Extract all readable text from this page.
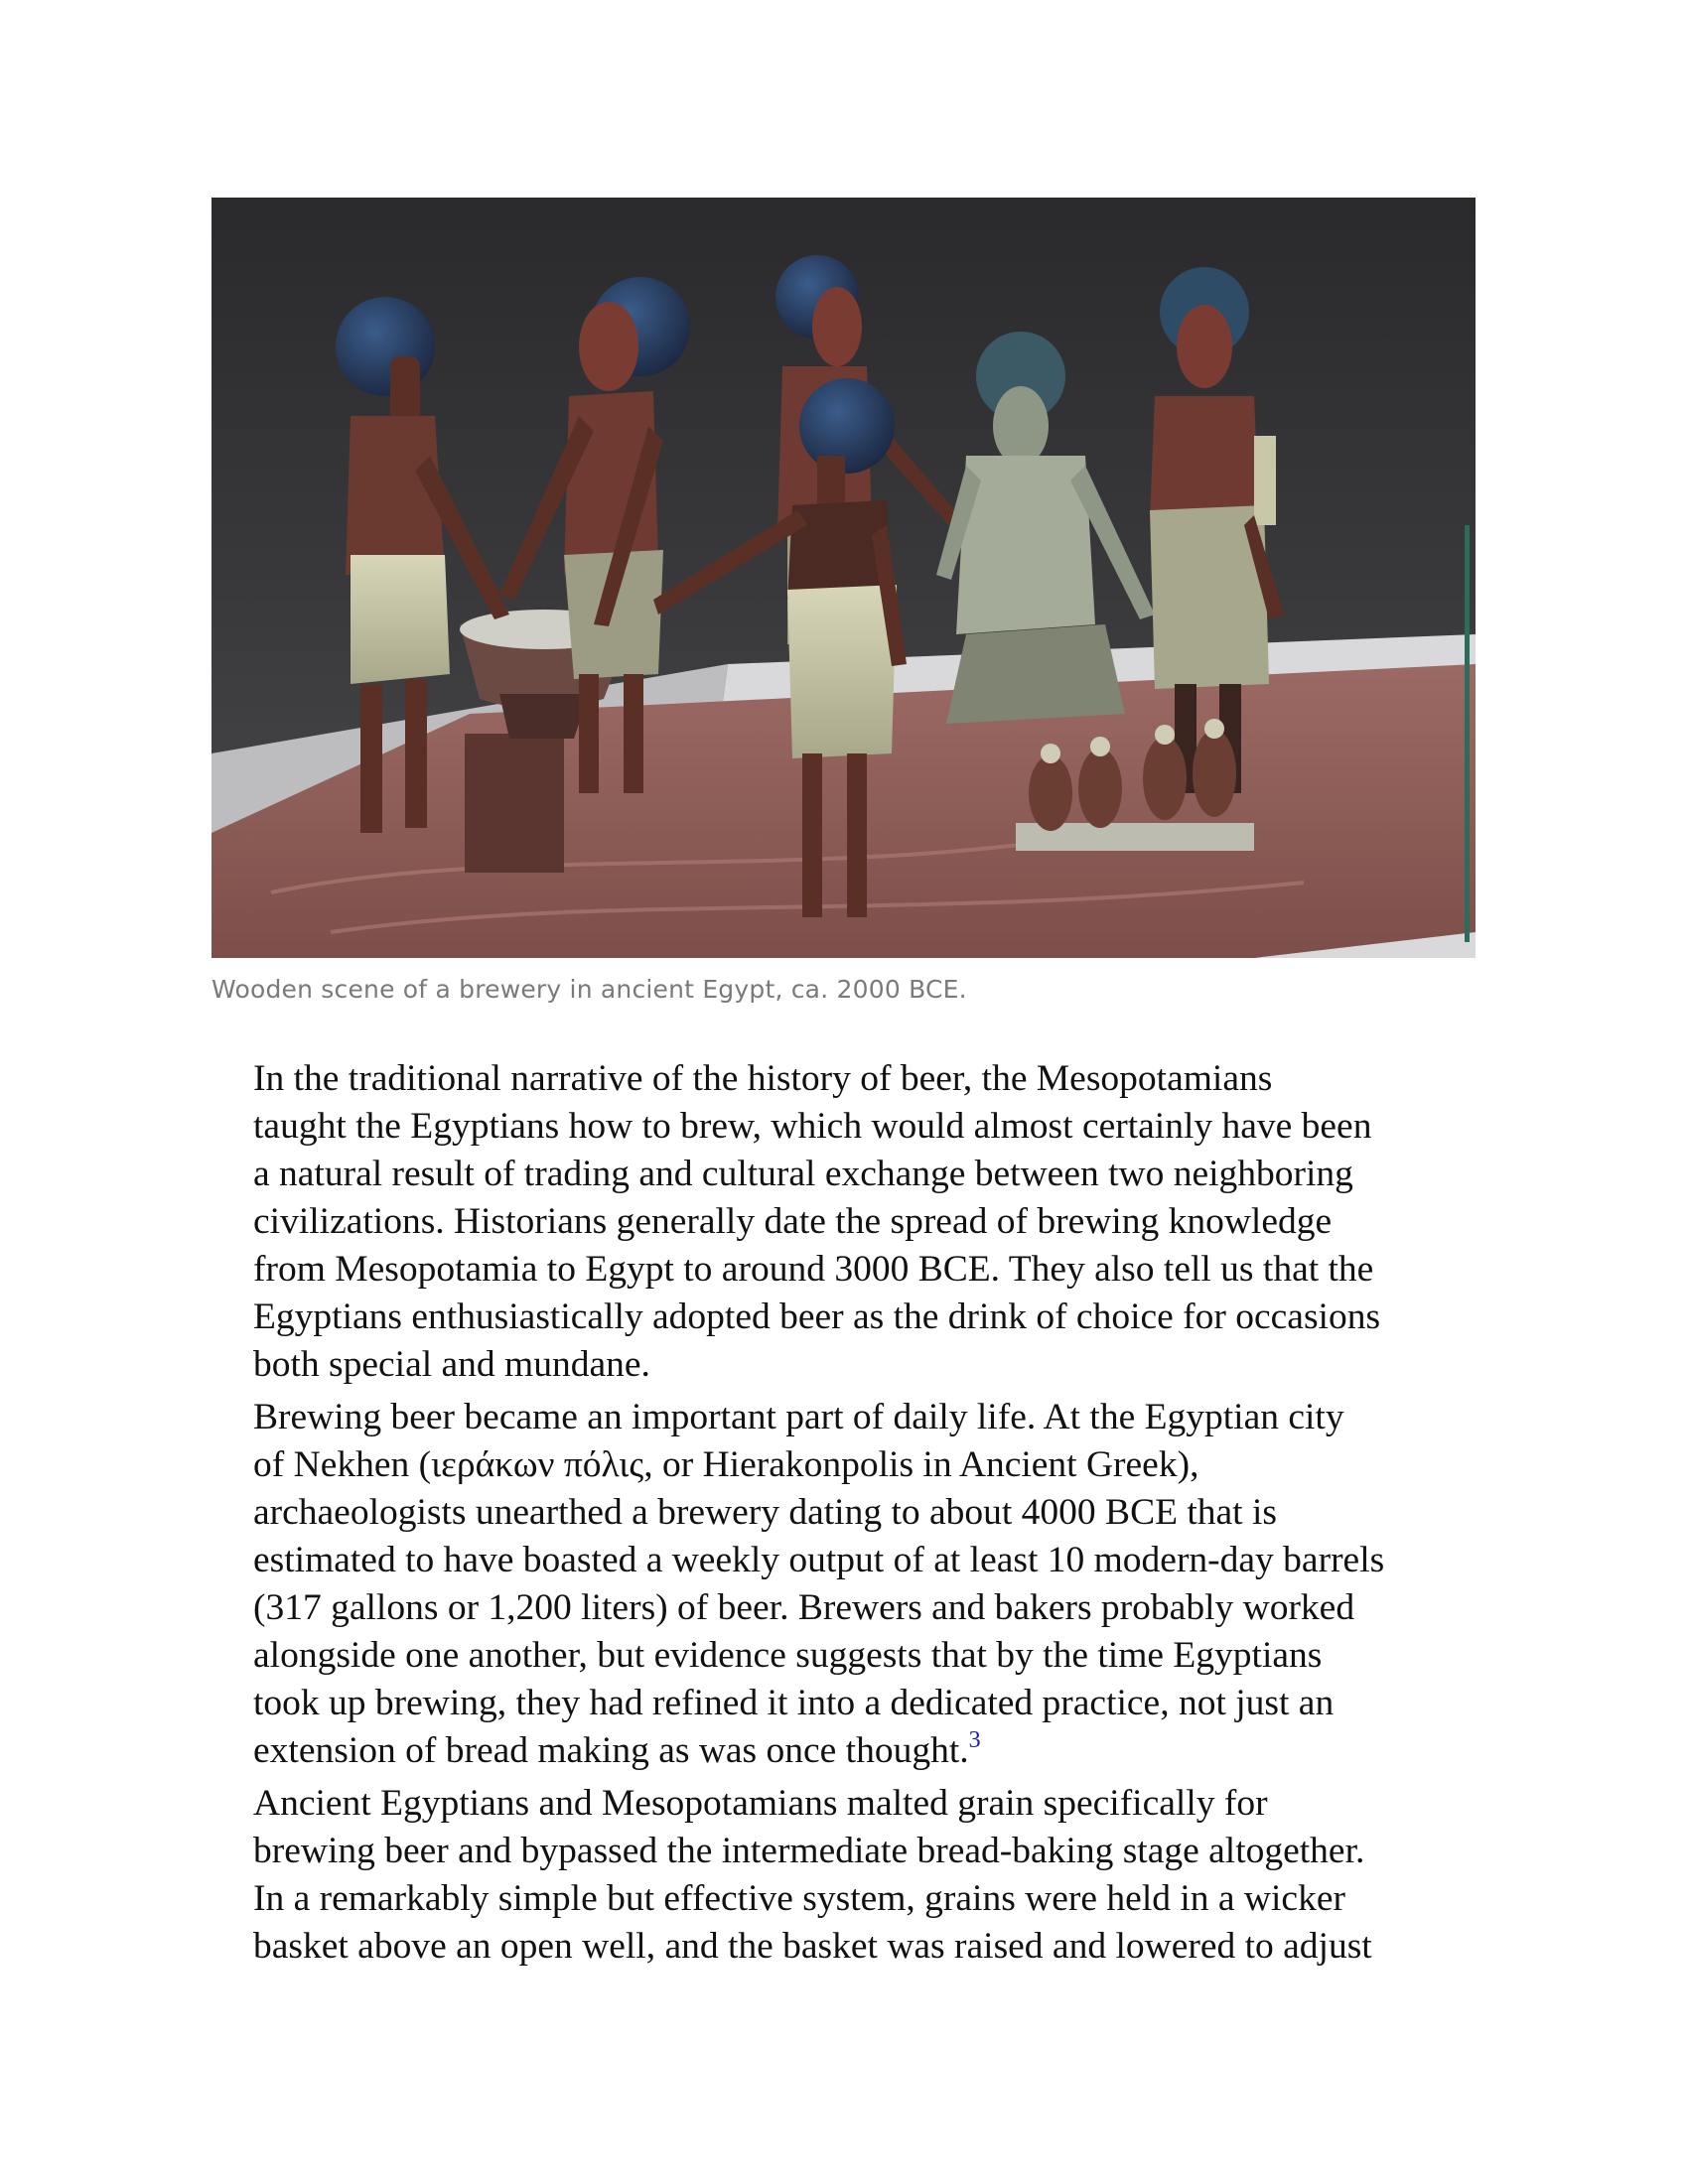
Wooden scene of a brewery in ancient Egypt, ca. 2000 BCE.

In the traditional narrative of the history of beer, the Mesopotamians
taught the Egyptians how to brew, which would almost certainly have been
a natural result of trading and cultural exchange between two neighboring
civilizations. Historians generally date the spread of brewing knowledge
from Mesopotamia to Egypt to around 3000 BCE. They also tell us that the
Egyptians enthusiastically adopted beer as the drink of choice for occasions
both special and mundane.

Brewing beer became an important part of daily life. At the Egyptian city
of Nekhen (ιεράκων πόλις, or Hierakonpolis in Ancient Greek),
archaeologists unearthed a brewery dating to about 4000 BCE that is
estimated to have boasted a weekly output of at least 10 modern-day barrels
(317 gallons or 1,200 liters) of beer. Brewers and bakers probably worked
alongside one another, but evidence suggests that by the time Egyptians
took up brewing, they had refined it into a dedicated practice, not just an
extension of bread making as was once thought.$^3$

Ancient Egyptians and Mesopotamians malted grain specifically for
brewing beer and bypassed the intermediate bread-baking stage altogether.
In a remarkably simple but effective system, grains were held in a wicker
basket above an open well, and the basket was raised and lowered to adjust
